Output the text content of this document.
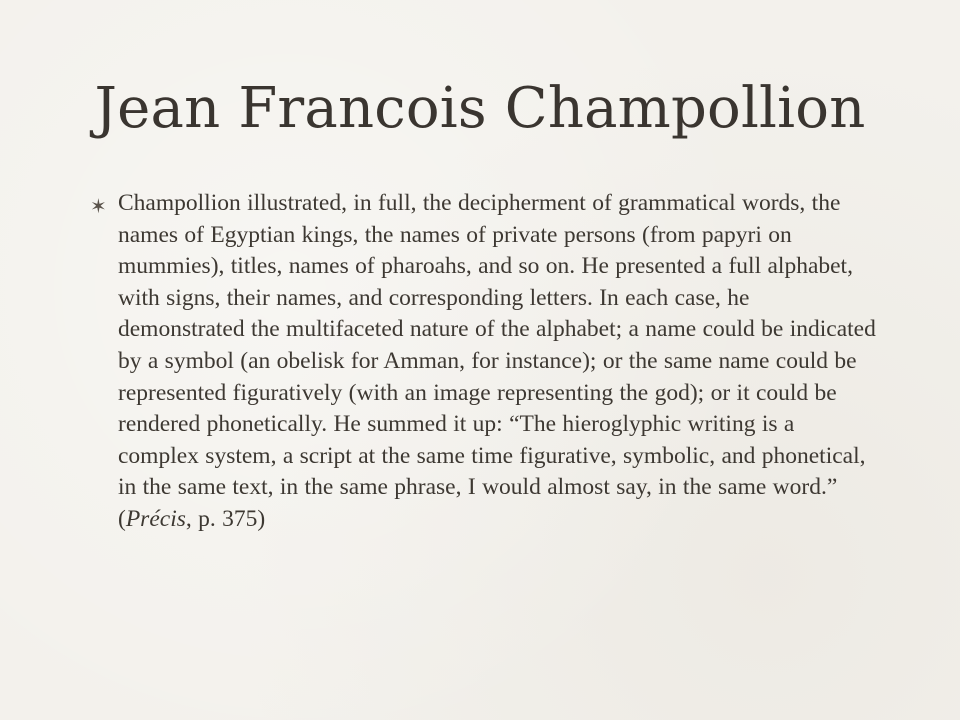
Jean Francois Champollion
✶ Champollion illustrated, in full, the decipherment of grammatical words, the names of Egyptian kings, the names of private persons (from papyri on mummies), titles, names of pharoahs, and so on. He presented a full alphabet, with signs, their names, and corresponding letters. In each case, he demonstrated the multifaceted nature of the alphabet; a name could be indicated by a symbol (an obelisk for Amman, for instance); or the same name could be represented figuratively (with an image representing the god); or it could be rendered phonetically. He summed it up: “The hieroglyphic writing is a complex system, a script at the same time figurative, symbolic, and phonetical, in the same text, in the same phrase, I would almost say, in the same word.” (Précis, p. 375)
